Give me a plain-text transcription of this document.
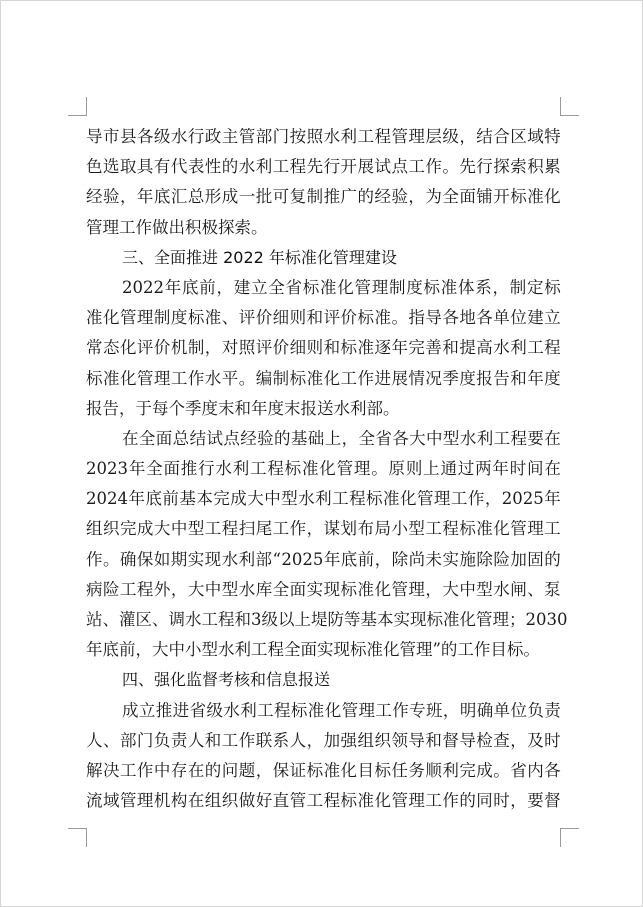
导 市 县 各 级 水 行 政 主 管 部 门 按 照 水 利 工 程 管 理 层 级 ， 结 合 区 域 特
色 选 取 具 有 代 表 性 的 水 利 工 程 先 行 开 展 试 点 工 作 。 先 行 探 索 积 累
经 验 ， 年 底 汇 总 形 成 一 批 可 复 制 推 广 的 经 验 ， 为 全 面 铺 开 标 准 化
管理工作做出积极探索。
三、全面推进 2022 年标准化管理建设
2022 年 底 前 ， 建 立 全 省 标 准 化 管 理 制 度 标 准 体 系 ， 制 定 标
准 化 管 理 制 度 标 准 、 评 价 细 则 和 评 价 标 准 。 指 导 各 地 各 单 位 建 立
常 态 化 评 价 机 制 ， 对 照 评 价 细 则 和 标 准 逐 年 完 善 和 提 高 水 利 工 程
标 准 化 管 理 工 作 水 平 。 编 制 标 准 化 工 作 进 展 情 况 季 度 报 告 和 年 度
报告，于每个季度末和年度末报送水利部。
在 全 面 总 结 试 点 经 验 的 基 础 上 ， 全 省 各 大 中 型 水 利 工 程 要 在
2023 年 全 面 推 行 水 利 工 程 标 准 化 管 理 。 原 则 上 通 过 两 年 时 间 在
2024 年 底 前 基 本 完 成 大 中 型 水 利 工 程 标 准 化 管 理 工 作 ， 2025 年
组 织 完 成 大 中 型 工 程 扫 尾 工 作 ， 谋 划 布 局 小 型 工 程 标 准 化 管 理 工
作 。 确 保 如 期 实 现 水 利 部 “ 2025 年 底 前 ， 除 尚 未 实 施 除 险 加 固 的
病 险 工 程 外 ， 大 中 型 水 库 全 面 实 现 标 准 化 管 理 ， 大 中 型 水 闸 、 泵
站 、 灌 区 、 调 水 工 程 和 3 级 以 上 堤 防 等 基 本 实 现 标 准 化 管 理 ； 2030
年底前，大中小型水利工程全面实现标准化管理”的工作目标。
四、强化监督考核和信息报送
成 立 推 进 省 级 水 利 工 程 标 准 化 管 理 工 作 专 班 ， 明 确 单 位 负 责
人 、 部 门 负 责 人 和 工 作 联 系 人 ， 加 强 组 织 领 导 和 督 导 检 查 ， 及 时
解 决 工 作 中 存 在 的 问 题 ， 保 证 标 准 化 目 标 任 务 顺 利 完 成 。 省 内 各
流 域 管 理 机 构 在 组 织 做 好 直 管 工 程 标 准 化 管 理 工 作 的 同 时 ， 要 督
